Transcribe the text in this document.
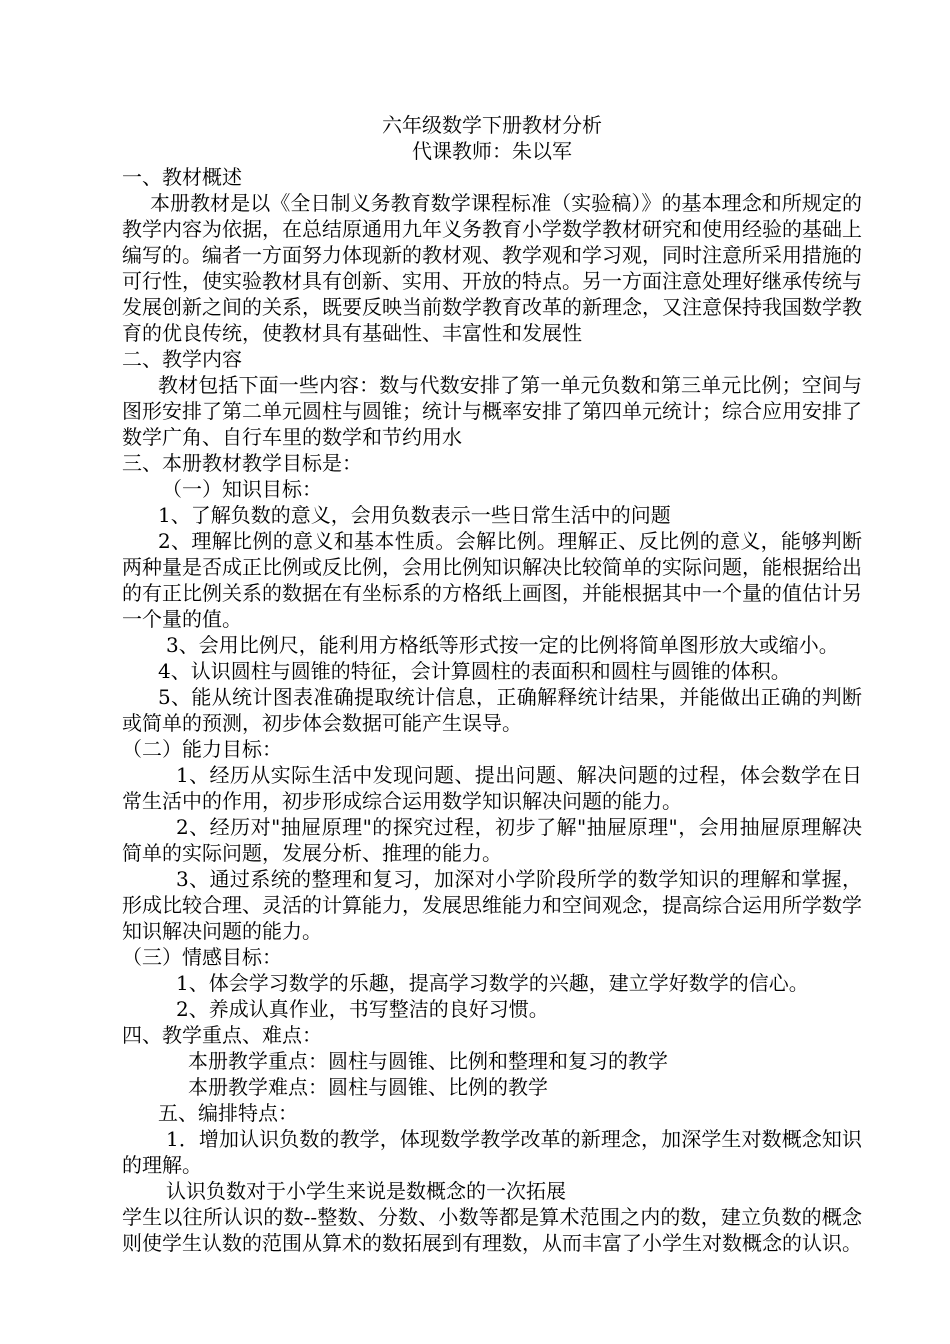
六年级数学下册教材分析

代课教师：朱以军

一、教材概述

本册教材是以《全日制义务教育数学课程标准（实验稿）》的基本理念和所规定的教学内容为依据，在总结原通用九年义务教育小学数学教材研究和使用经验的基础上编写的。编者一方面努力体现新的教材观、教学观和学习观，同时注意所采用措施的可行性，使实验教材具有创新、实用、开放的特点。另一方面注意处理好继承传统与发展创新之间的关系，既要反映当前数学教育改革的新理念，又注意保持我国数学教育的优良传统，使教材具有基础性、丰富性和发展性

二、教学内容

教材包括下面一些内容：数与代数安排了第一单元负数和第三单元比例；空间与图形安排了第二单元圆柱与圆锥；统计与概率安排了第四单元统计；综合应用安排了数学广角、自行车里的数学和节约用水

三、本册教材教学目标是：

（一）知识目标：

1、了解负数的意义，会用负数表示一些日常生活中的问题

2、理解比例的意义和基本性质。会解比例。理解正、反比例的意义，能够判断两种量是否成正比例或反比例，会用比例知识解决比较简单的实际问题，能根据给出的有正比例关系的数据在有坐标系的方格纸上画图，并能根据其中一个量的值估计另一个量的值。

3、会用比例尺，能利用方格纸等形式按一定的比例将简单图形放大或缩小。

4、认识圆柱与圆锥的特征，会计算圆柱的表面积和圆柱与圆锥的体积。

5、能从统计图表准确提取统计信息，正确解释统计结果，并能做出正确的判断或简单的预测，初步体会数据可能产生误导。

（二）能力目标：

1、经历从实际生活中发现问题、提出问题、解决问题的过程，体会数学在日常生活中的作用，初步形成综合运用数学知识解决问题的能力。

2、经历对"抽屉原理"的探究过程，初步了解"抽屉原理"，会用抽屉原理解决简单的实际问题，发展分析、推理的能力。

3、通过系统的整理和复习，加深对小学阶段所学的数学知识的理解和掌握，形成比较合理、灵活的计算能力，发展思维能力和空间观念，提高综合运用所学数学知识解决问题的能力。

（三）情感目标：

1、体会学习数学的乐趣，提高学习数学的兴趣，建立学好数学的信心。

2、养成认真作业，书写整洁的良好习惯。

四、教学重点、难点：

本册教学重点：圆柱与圆锥、比例和整理和复习的教学

本册教学难点：圆柱与圆锥、比例的教学

五、编排特点：

1．增加认识负数的教学，体现数学教学改革的新理念，加深学生对数概念知识的理解。

认识负数对于小学生来说是数概念的一次拓展

学生以往所认识的数--整数、分数、小数等都是算术范围之内的数，建立负数的概念则使学生认数的范围从算术的数拓展到有理数，从而丰富了小学生对数概念的认识。
